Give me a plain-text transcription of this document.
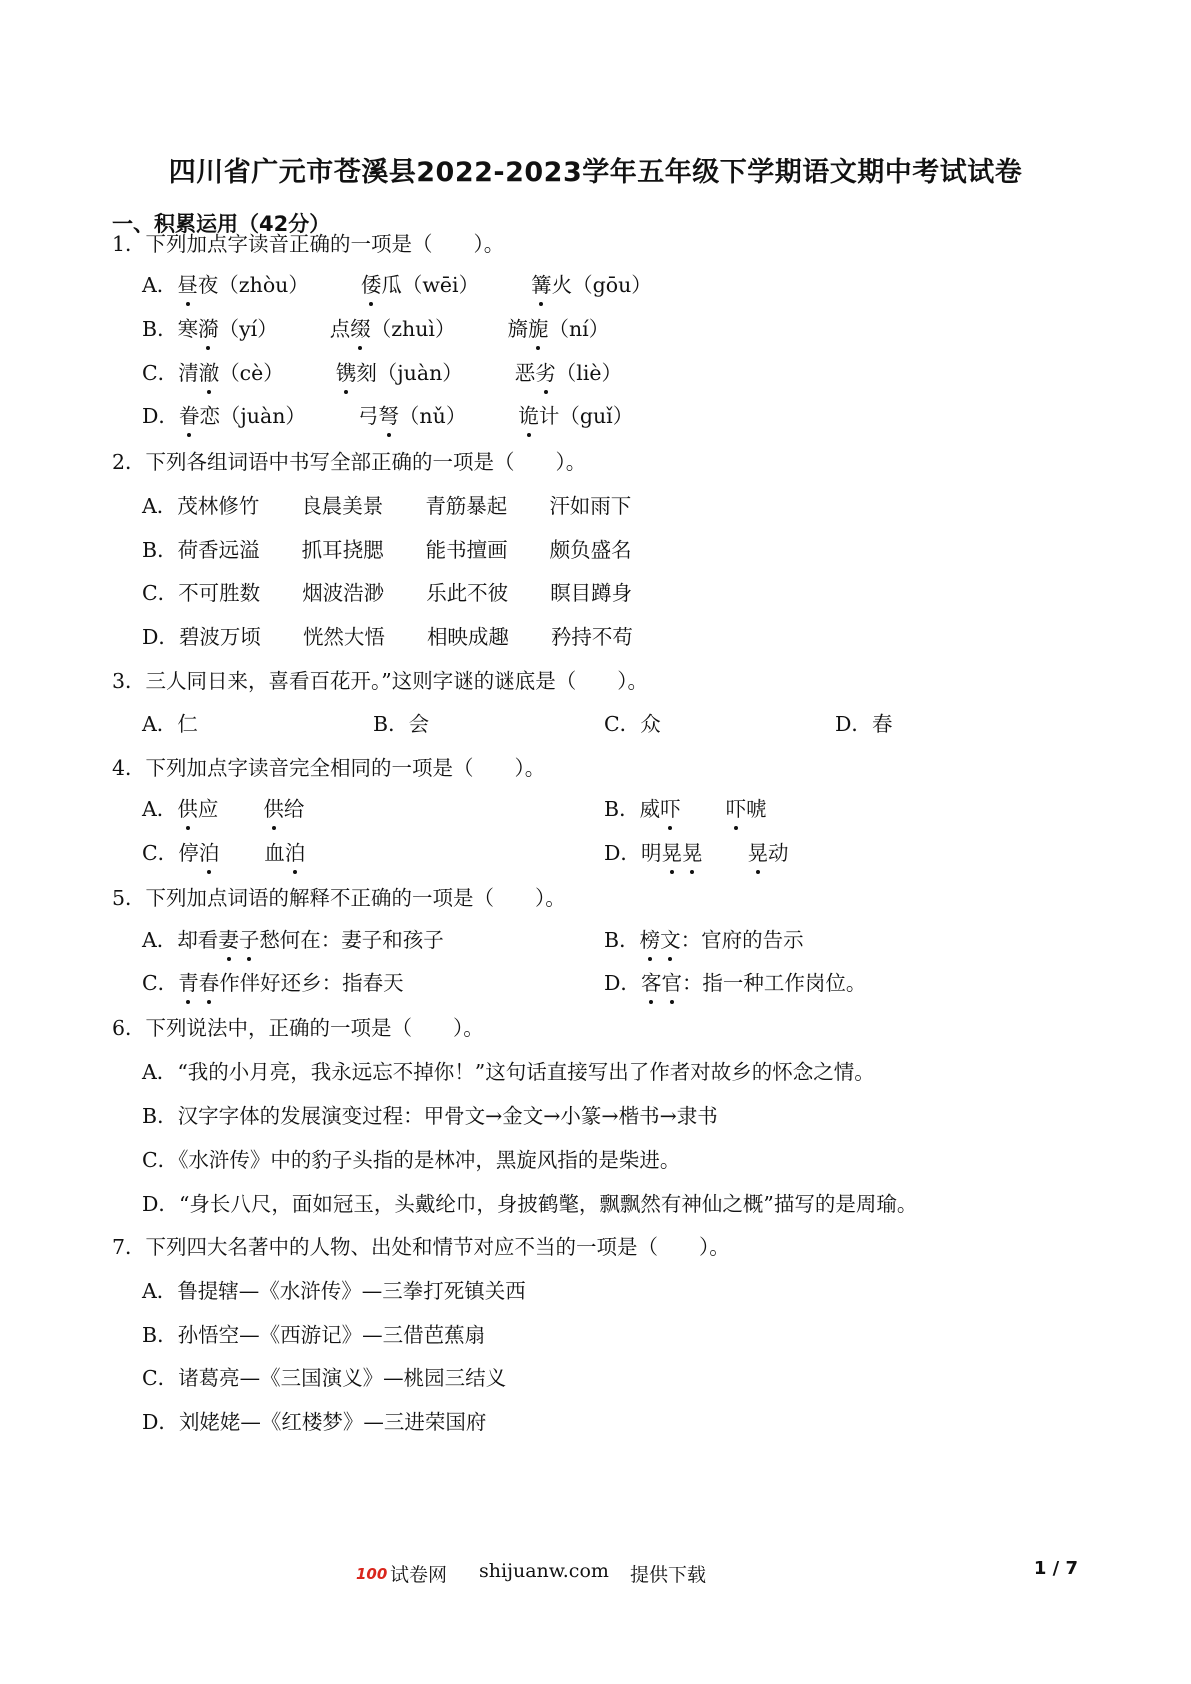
四川省广元市苍溪县2022-2023学年五年级下学期语文期中考试试卷
一、积累运用（42分）
1．下列加点字读音正确的一项是（　　）。
A．昼夜（zhòu）	倭瓜（wēi）	篝火（gōu）
B．寒漪（yí）	点缀（zhuì）	旖旎（ní）
C．清澈（cè）	镌刻（juàn）	恶劣（liè）
D．眷恋（juàn）	弓弩（nǔ）	诡计（guǐ）
2．下列各组词语中书写全部正确的一项是（　　）。
A．茂林修竹 良晨美景 青筋暴起 汗如雨下
B．荷香远溢 抓耳挠腮 能书擅画 颇负盛名
C．不可胜数 烟波浩渺 乐此不彼 瞑目蹲身
D．碧波万顷 恍然大悟 相映成趣 矜持不苟
3．三人同日来，喜看百花开。”这则字谜的谜底是（　　）。
A．仁	B．会	C．众	D．春
4．下列加点字读音完全相同的一项是（　　）。
A．供应 供给	B．威吓 吓唬
C．停泊 血泊	D．明晃晃 晃动
5．下列加点词语的解释不正确的一项是（　　）。
A．却看妻子愁何在：妻子和孩子	B．榜文：官府的告示
C．青春作伴好还乡：指春天	D．客官：指一种工作岗位。
6．下列说法中，正确的一项是（　　）。
A．“我的小月亮，我永远忘不掉你！”这句话直接写出了作者对故乡的怀念之情。
B．汉字字体的发展演变过程：甲骨文→金文→小篆→楷书→隶书
C．《水浒传》中的豹子头指的是林冲，黑旋风指的是柴进。
D．“身长八尺，面如冠玉，头戴纶巾，身披鹤氅，飘飘然有神仙之概”描写的是周瑜。
7．下列四大名著中的人物、出处和情节对应不当的一项是（　　）。
A．鲁提辖—《水浒传》—三拳打死镇关西
B．孙悟空—《西游记》—三借芭蕉扇
C．诸葛亮—《三国演义》—桃园三结义
D．刘姥姥—《红楼梦》—三进荣国府
100 试卷网 shijuanw.com 提供下载	1 / 7
